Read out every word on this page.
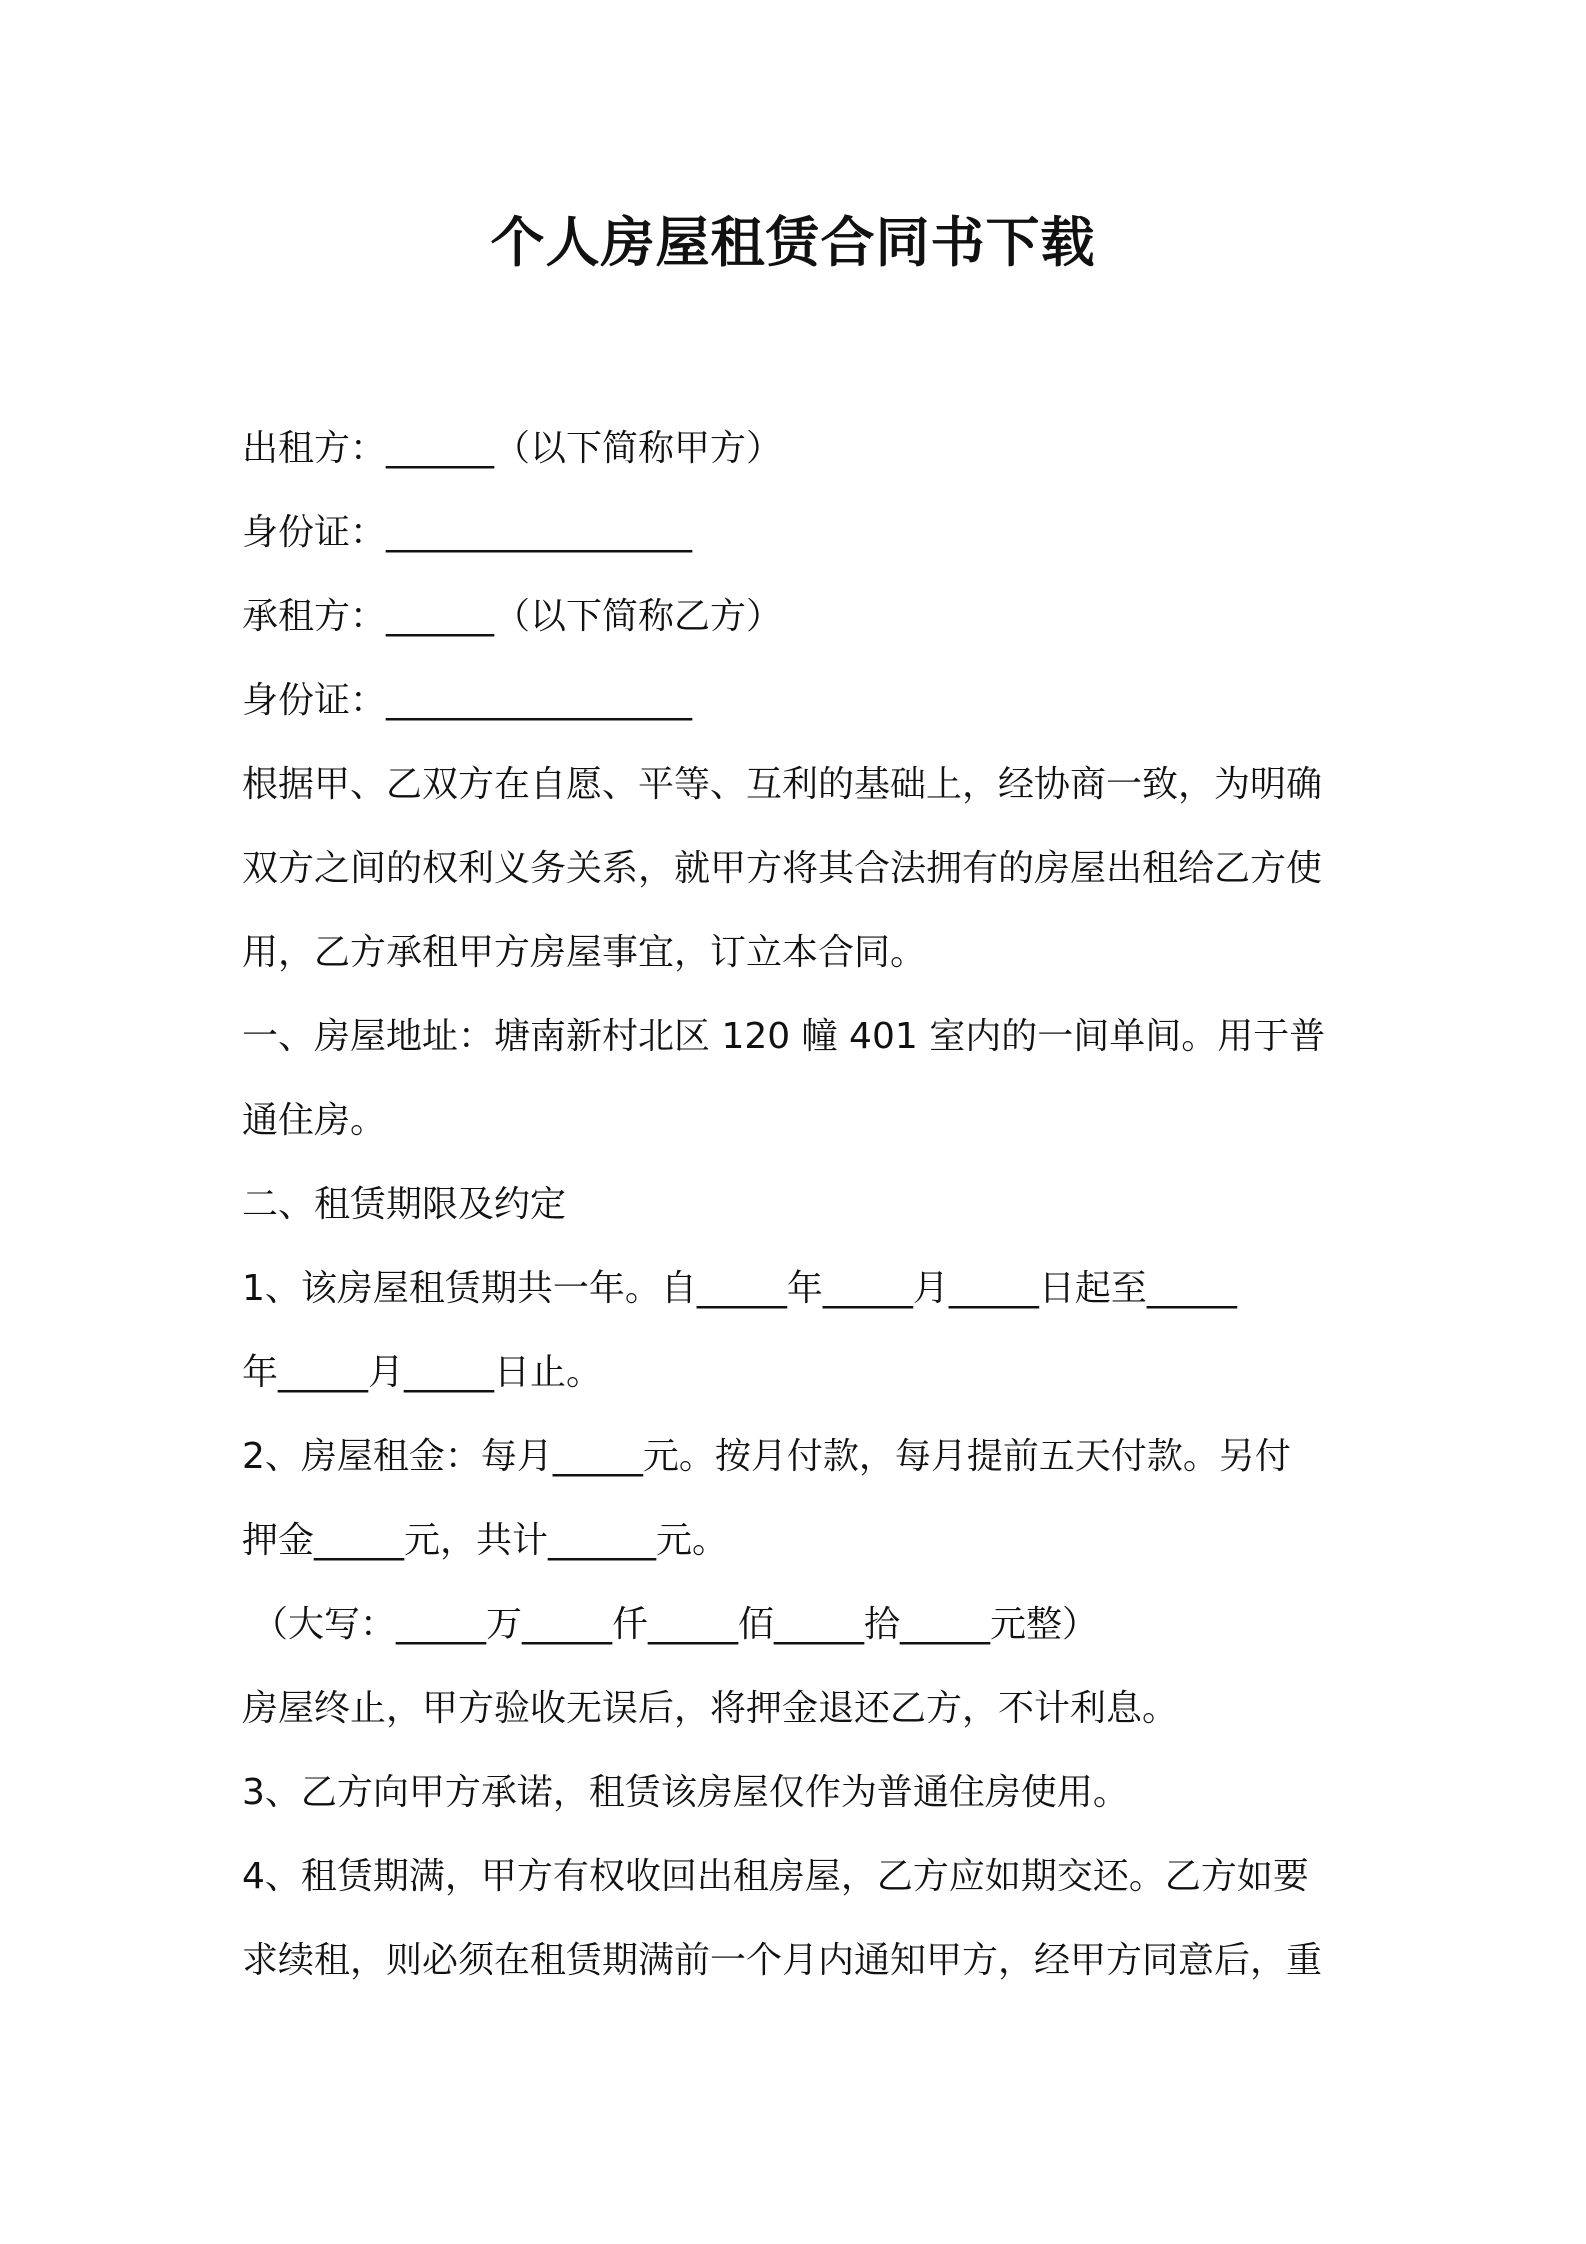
个人房屋租赁合同书下载
出租方：______（以下简称甲方）
身份证：_________________
承租方：______（以下简称乙方）
身份证：_________________
根据甲、乙双方在自愿、平等、互利的基础上，经协商一致，为明确
双方之间的权利义务关系，就甲方将其合法拥有的房屋出租给乙方使
用，乙方承租甲方房屋事宜，订立本合同。
一、房屋地址：塘南新村北区 120 幢 401 室内的一间单间。用于普
通住房。
二、租赁期限及约定
1、该房屋租赁期共一年。自_____年_____月_____日起至_____
年_____月_____日止。
2、房屋租金：每月_____元。按月付款，每月提前五天付款。另付
押金_____元，共计______元。
（大写：_____万_____仟_____佰_____拾_____元整）
房屋终止，甲方验收无误后，将押金退还乙方，不计利息。
3、乙方向甲方承诺，租赁该房屋仅作为普通住房使用。
4、租赁期满，甲方有权收回出租房屋，乙方应如期交还。乙方如要
求续租，则必须在租赁期满前一个月内通知甲方，经甲方同意后，重
